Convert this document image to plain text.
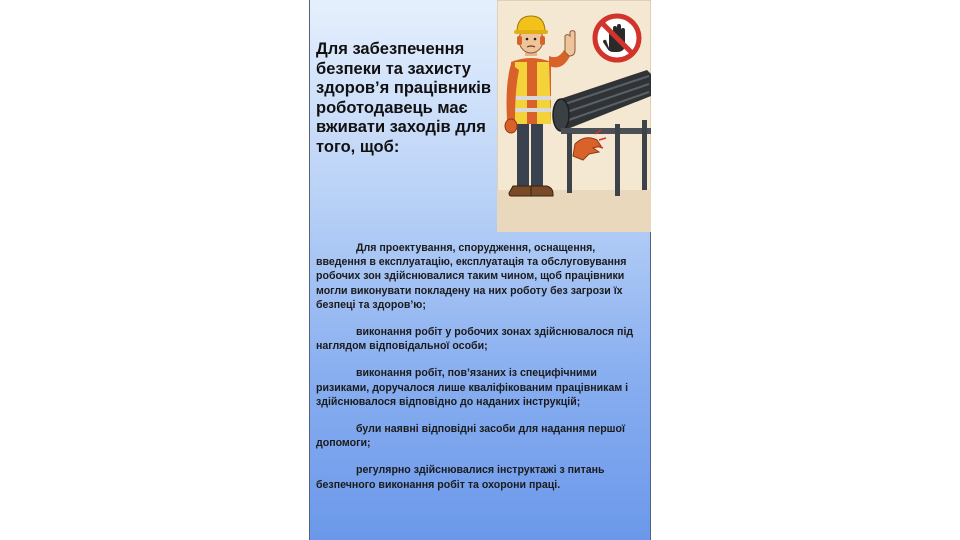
Для забезпечення безпеки та захисту здоров’я працівників роботодавець має вживати заходів для того, щоб:

Для проектування, спорудження, оснащення, введення в експлуатацію, експлуатація та обслуговування робочих зон здійснювалися таким чином, щоб працівники могли виконувати покладену на них роботу без загрози їх безпеці та здоров’ю;

виконання робіт у робочих зонах здійснювалося під наглядом відповідальної особи;

виконання робіт, пов’язаних із специфічними ризиками, доручалося лише кваліфікованим працівникам і здійснювалося відповідно до наданих інструкцій;

були наявні відповідні засоби для надання першої допомоги;

регулярно здійснювалися інструктажі з питань безпечного виконання робіт та охорони праці.
